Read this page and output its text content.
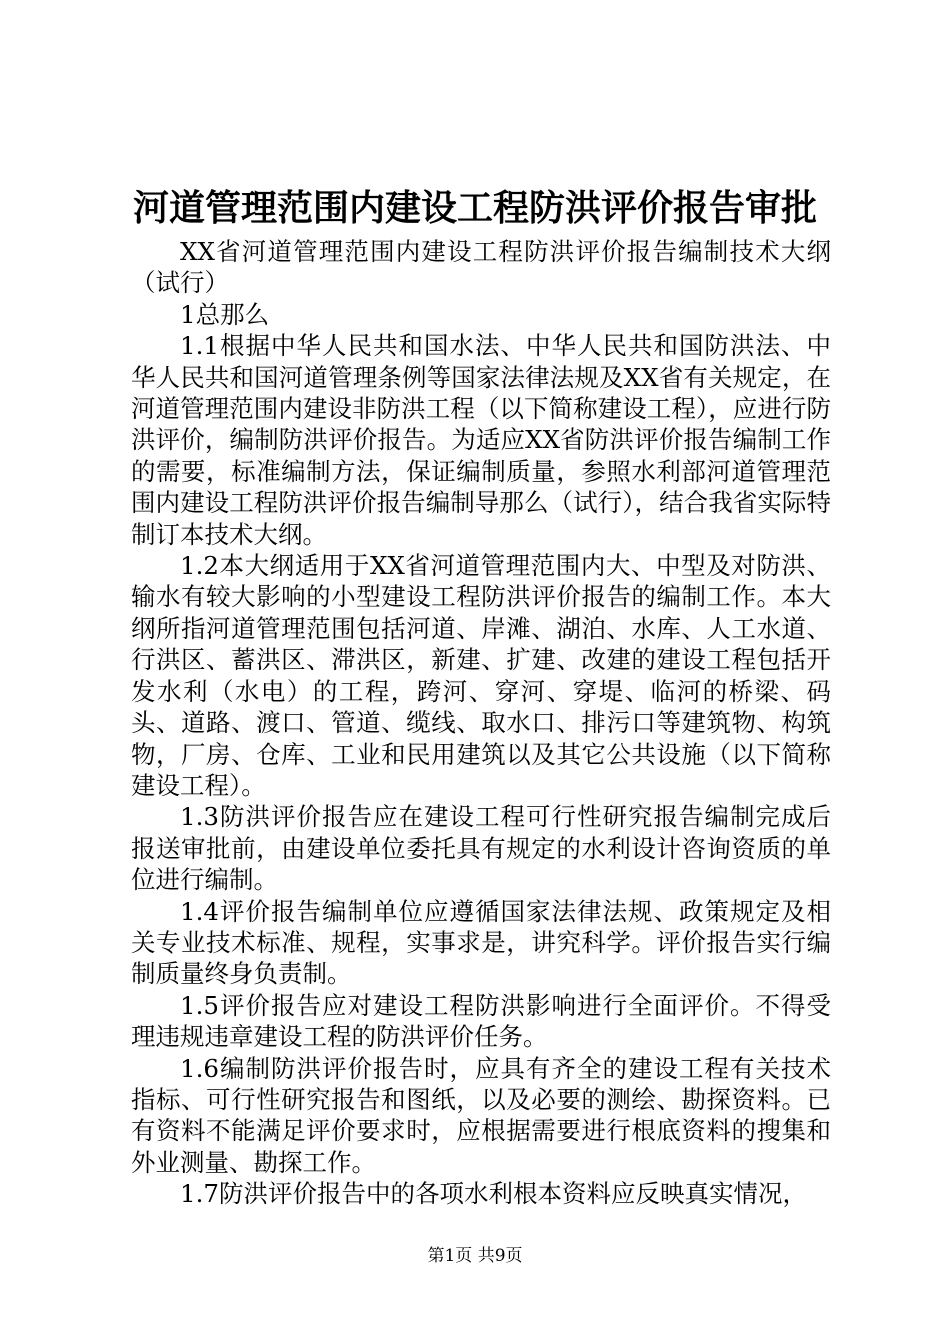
河道管理范围内建设工程防洪评价报告审批

XX省河道管理范围内建设工程防洪评价报告编制技术大纲（试行）

1总那么

1.1根据中华人民共和国水法、中华人民共和国防洪法、中华人民共和国河道管理条例等国家法律法规及XX省有关规定，在河道管理范围内建设非防洪工程（以下简称建设工程），应进行防洪评价，编制防洪评价报告。为适应XX省防洪评价报告编制工作的需要，标准编制方法，保证编制质量，参照水利部河道管理范围内建设工程防洪评价报告编制导那么（试行），结合我省实际特制订本技术大纲。

1.2本大纲适用于XX省河道管理范围内大、中型及对防洪、输水有较大影响的小型建设工程防洪评价报告的编制工作。本大纲所指河道管理范围包括河道、岸滩、湖泊、水库、人工水道、行洪区、蓄洪区、滞洪区，新建、扩建、改建的建设工程包括开发水利（水电）的工程，跨河、穿河、穿堤、临河的桥梁、码头、道路、渡口、管道、缆线、取水口、排污口等建筑物、构筑物，厂房、仓库、工业和民用建筑以及其它公共设施（以下简称建设工程）。

1.3防洪评价报告应在建设工程可行性研究报告编制完成后报送审批前，由建设单位委托具有规定的水利设计咨询资质的单位进行编制。

1.4评价报告编制单位应遵循国家法律法规、政策规定及相关专业技术标准、规程，实事求是，讲究科学。评价报告实行编制质量终身负责制。

1.5评价报告应对建设工程防洪影响进行全面评价。不得受理违规违章建设工程的防洪评价任务。

1.6编制防洪评价报告时，应具有齐全的建设工程有关技术指标、可行性研究报告和图纸，以及必要的测绘、勘探资料。已有资料不能满足评价要求时，应根据需要进行根底资料的搜集和外业测量、勘探工作。

1.7防洪评价报告中的各项水利根本资料应反映真实情况，

第1页 共9页
